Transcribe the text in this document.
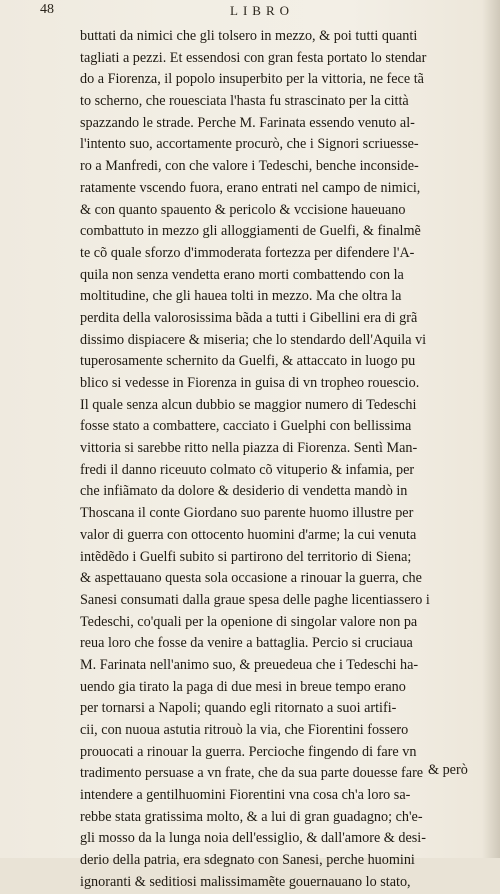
48	LIBRO
buttati da nimici che gli tolsero in mezzo, & poi tutti quanti
tagliati a pezzi. Et essendosi con gran festa portato lo stendar
do a Fiorenza, il popolo insuperbito per la vittoria, ne fece tã
to scherno, che rouesciata l'hasta fu strascinato per la città
spazzando le strade. Perche M. Farinata essendo venuto al-
l'intento suo, accortamente procurò, che i Signori scriuesse-
ro a Manfredi, con che valore i Tedeschi, benche inconside-
ratamente vscendo fuora, erano entrati nel campo de nimici,
& con quanto spauento & pericolo & vccisione haueuano
combattuto in mezzo gli alloggiamenti de Guelfi, & finalmẽ
te cõ quale sforzo d'immoderata fortezza per difendere l'A-
quila non senza vendetta erano morti combattendo con la
moltitudine, che gli hauea tolti in mezzo. Ma che oltra la
perdita della valorosissima bãda a tutti i Gibellini era di grã
dissimo dispiacere & miseria; che lo stendardo dell'Aquila vi
tuperosamente schernito da Guelfi, & attaccato in luogo pu
blico si vedesse in Fiorenza in guisa di vn tropheo rouescio.
Il quale senza alcun dubbio se maggior numero di Tedeschi
fosse stato a combattere, cacciato i Guelphi con bellissima
vittoria si sarebbe ritto nella piazza di Fiorenza. Sentì Man-
fredi il danno riceuuto colmato cõ vituperio & infamia, per
che infiãmato da dolore & desiderio di vendetta mandò in
Thoscana il conte Giordano suo parente huomo illustre per
valor di guerra con ottocento huomini d'arme; la cui venuta
intẽdẽdo i Guelfi subito si partirono del territorio di Siena;
& aspettauano questa sola occasione a rinouar la guerra, che
Sanesi consumati dalla graue spesa delle paghe licentiassero i
Tedeschi, co'quali per la openione di singolar valore non pa
reua loro che fosse da venire a battaglia. Percio si cruciaua
M. Farinata nell'animo suo, & preuedeua che i Tedeschi ha-
uendo gia tirato la paga di due mesi in breue tempo erano
per tornarsi a Napoli; quando egli ritornato a suoi artifi-
cii, con nuoua astutia ritrouò la via, che Fiorentini fossero
prouocati a rinouar la guerra. Percioche fingendo di fare vn
tradimento persuase a vn frate, che da sua parte douesse fare
intendere a gentilhuomini Fiorentini vna cosa ch'a loro sa-
rebbe stata gratissima molto, & a lui di gran guadagno; ch'e-
gli mosso da la lunga noia dell'essiglio, & dall'amore & desi-
derio della patria, era sdegnato con Sanesi, perche huomini
ignoranti & seditiosi malissimamẽte gouernauano lo stato,
& però
